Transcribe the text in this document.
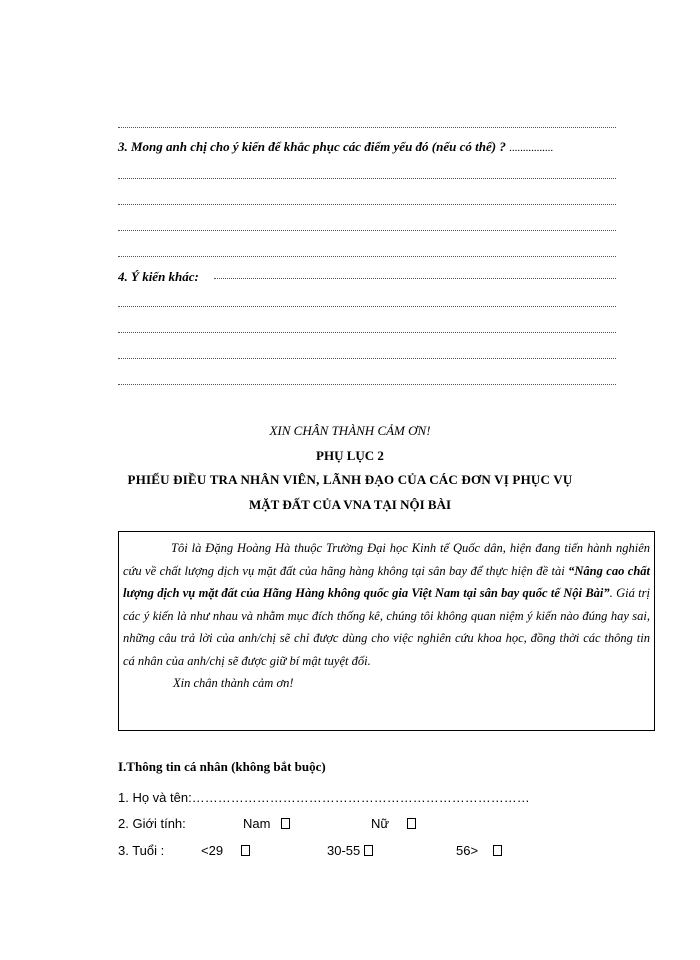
3. Mong anh chị cho ý kiến để khắc phục các điểm yếu đó (nếu có thể) ? ................
4. Ý kiến khác:
XIN CHÂN THÀNH CẢM ƠN!
PHỤ LỤC 2
PHIẾU ĐIỀU TRA NHÂN VIÊN, LÃNH ĐẠO CỦA CÁC ĐƠN VỊ PHỤC VỤ
MẶT ĐẤT CỦA VNA TẠI NỘI BÀI
Tôi là Đặng Hoàng Hà thuộc Trường Đại học Kinh tế Quốc dân, hiện đang tiến hành nghiên cứu về chất lượng dịch vụ mặt đất của hãng hàng không tại sân bay để thực hiện đề tài “Nâng cao chất lượng dịch vụ mặt đất của Hãng Hàng không quốc gia Việt Nam tại sân bay quốc tế Nội Bài”. Giá trị các ý kiến là như nhau và nhằm mục đích thống kê, chúng tôi không quan niệm ý kiến nào đúng hay sai, những câu trả lời của anh/chị sẽ chỉ được dùng cho việc nghiên cứu khoa học, đồng thời các thông tin cá nhân của anh/chị sẽ được giữ bí mật tuyệt đối.
Xin chân thành cảm ơn!
I.Thông tin cá nhân (không bắt buộc)
1. Họ và tên:……………………………………………………………………
2. Giới tính:	Nam	Nữ
3. Tuổi :	<29	30-55	56>
